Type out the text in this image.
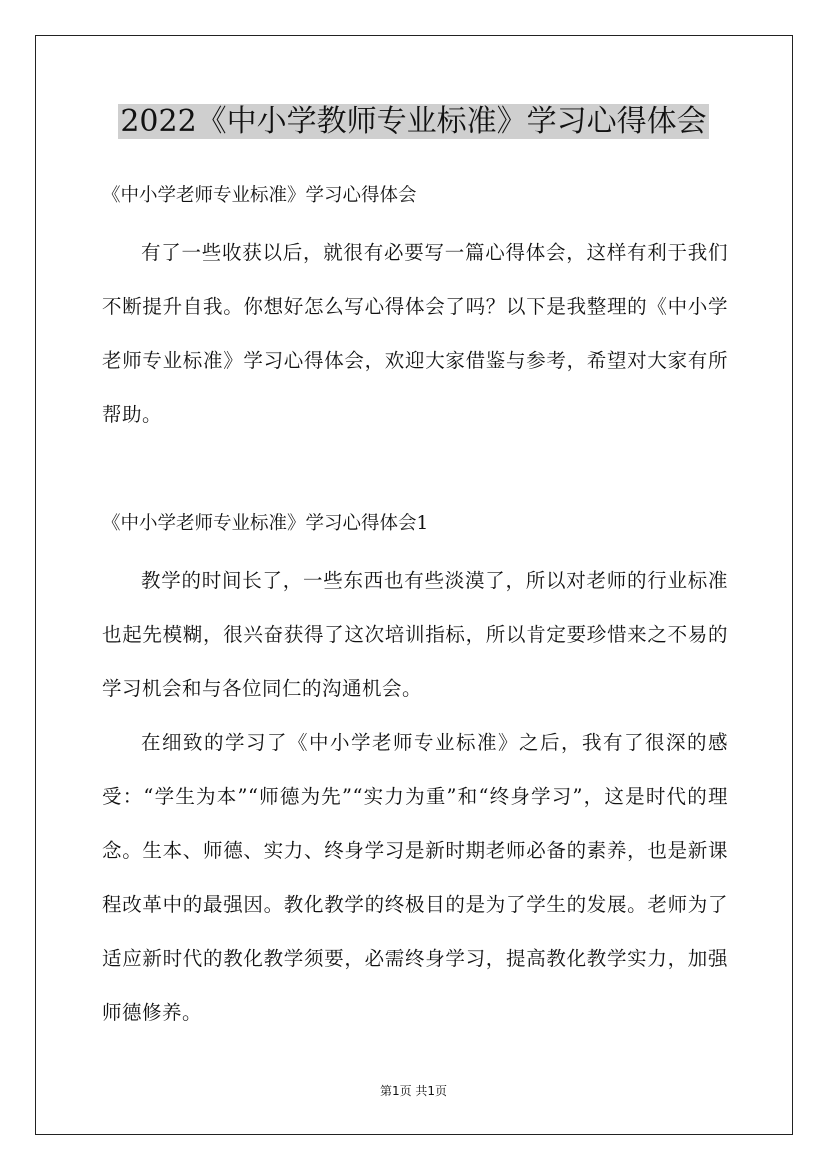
2022《中小学教师专业标准》学习心得体会

《中小学老师专业标准》学习心得体会

有了一些收获以后，就很有必要写一篇心得体会，这样有利于我们不断提升自我。你想好怎么写心得体会了吗？以下是我整理的《中小学老师专业标准》学习心得体会，欢迎大家借鉴与参考，希望对大家有所帮助。

《中小学老师专业标准》学习心得体会1

教学的时间长了，一些东西也有些淡漠了，所以对老师的行业标准也起先模糊，很兴奋获得了这次培训指标，所以肯定要珍惜来之不易的学习机会和与各位同仁的沟通机会。

在细致的学习了《中小学老师专业标准》之后，我有了很深的感受：“学生为本”“师德为先”“实力为重”和“终身学习”，这是时代的理念。生本、师德、实力、终身学习是新时期老师必备的素养，也是新课程改革中的最强因。教化教学的终极目的是为了学生的发展。老师为了适应新时代的教化教学须要，必需终身学习，提高教化教学实力，加强师德修养。

第1页 共1页
